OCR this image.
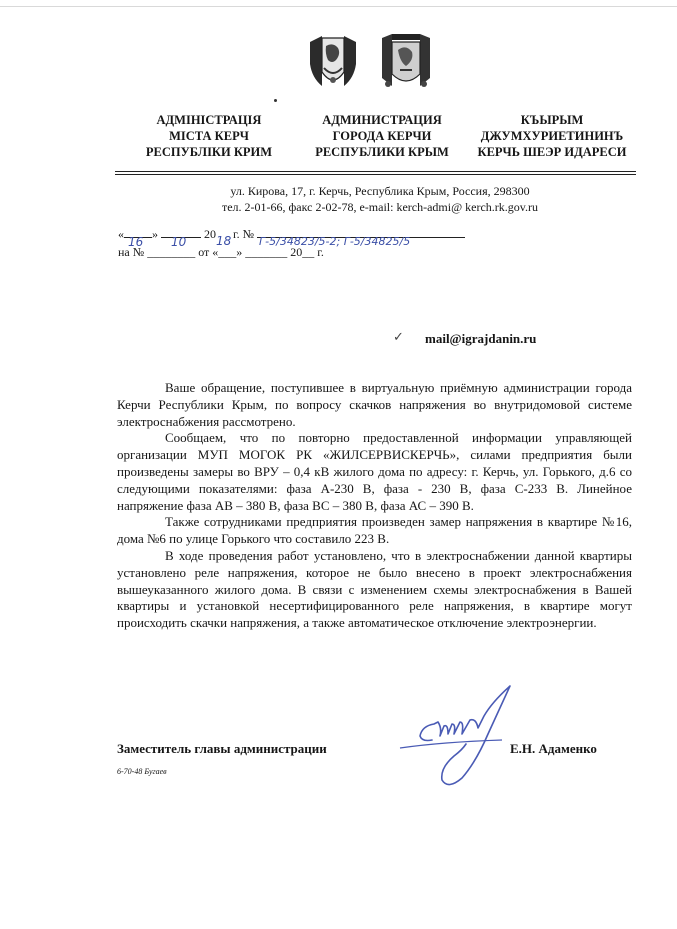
АДМІНІСТРАЦІЯ
МІСТА КЕРЧ
РЕСПУБЛІКИ КРИМ
АДМИНИСТРАЦИЯ
ГОРОДА КЕРЧИ
РЕСПУБЛИКИ КРЫМ
КЪЫРЫМ
ДЖУМХУРИЕТИНИНЪ
КЕРЧЬ ШЕЭР ИДАРЕСИ
ул. Кирова, 17, г. Керчь, Республика Крым, Россия, 298300
тел. 2-01-66, факс 2-02-78, e-mail: kerch-admi@ kerch.rk.gov.ru
«
16
»
10
20 18 г. №
Г-5/34823/5-2; Г-5/34825/5
на № ________ от «___» _______ 20__ г.
✓ mail@igrajdanin.ru

Ваше обращение, поступившее в виртуальную приёмную администрации города Керчи Республики Крым, по вопросу скачков напряжения во внутридомовой системе электроснабжения рассмотрено.

Сообщаем, что по повторно предоставленной информации управляющей организации МУП МОГОК РК «ЖИЛСЕРВИСКЕРЧЬ», силами предприятия были произведены замеры во ВРУ – 0,4 кВ жилого дома по адресу: г. Керчь, ул. Горького, д.6 со следующими показателями: фаза А-230 В, фаза - 230 В, фаза С-233 В. Линейное напряжение фаза АВ – 380 В, фаза ВС – 380 В, фаза АС – 390 В.

Также сотрудниками предприятия произведен замер напряжения в квартире №16, дома №6 по улице Горького что составило 223 В.

В ходе проведения работ установлено, что в электроснабжении данной квартиры установлено реле напряжения, которое не было внесено в проект электроснабжения вышеуказанного жилого дома. В связи с изменением схемы электроснабжения в Вашей квартиры и установкой несертифицированного реле напряжения, в квартире могут происходить скачки напряжения, а также автоматическое отключение электроэнергии.

Заместитель главы администрации	Е.Н. Адаменко
6-70-48 Бугаев
